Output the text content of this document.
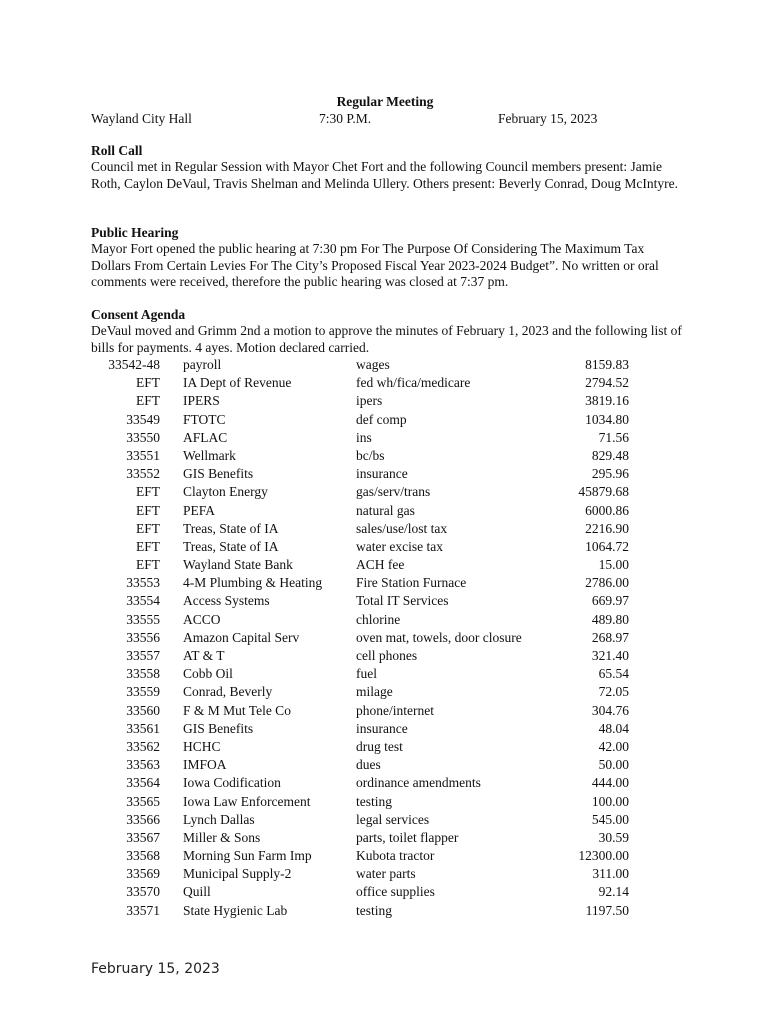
Regular Meeting
Wayland City Hall	7:30 P.M.	February 15, 2023
Roll Call

Council met in Regular Session with Mayor Chet Fort and the following Council members present: Jamie Roth, Caylon DeVaul, Travis Shelman and Melinda Ullery. Others present: Beverly Conrad, Doug McIntyre.

Public Hearing

Mayor Fort opened the public hearing at 7:30 pm For The Purpose Of Considering The Maximum Tax Dollars From Certain Levies For The City’s Proposed Fiscal Year 2023-2024 Budget”. No written or oral comments were received, therefore the public hearing was closed at 7:37 pm.

Consent Agenda

DeVaul moved and Grimm 2nd a motion to approve the minutes of February 1, 2023 and the following list of bills for payments. 4 ayes. Motion declared carried.

33542-48 payroll	wages	8159.83
EFT IA Dept of Revenue	fed wh/fica/medicare	2794.52
EFT IPERS	ipers	3819.16
33549 FTOTC	def comp	1034.80
33550 AFLAC	ins	71.56
33551 Wellmark	bc/bs	829.48
33552 GIS Benefits	insurance	295.96
EFT Clayton Energy	gas/serv/trans	45879.68
EFT PEFA	natural gas	6000.86
EFT Treas, State of IA	sales/use/lost tax	2216.90
EFT Treas, State of IA	water excise tax	1064.72
EFT Wayland State Bank	ACH fee	15.00
33553 4-M Plumbing & Heating	Fire Station Furnace	2786.00
33554 Access Systems	Total IT Services	669.97
33555 ACCO	chlorine	489.80
33556 Amazon Capital Serv	oven mat, towels, door closure	268.97
33557 AT & T	cell phones	321.40
33558 Cobb Oil	fuel	65.54
33559 Conrad, Beverly	milage	72.05
33560 F & M Mut Tele Co	phone/internet	304.76
33561 GIS Benefits	insurance	48.04
33562 HCHC	drug test	42.00
33563 IMFOA	dues	50.00
33564 Iowa Codification	ordinance amendments	444.00
33565 Iowa Law Enforcement	testing	100.00
33566 Lynch Dallas	legal services	545.00
33567 Miller & Sons	parts, toilet flapper	30.59
33568 Morning Sun Farm Imp	Kubota tractor	12300.00
33569 Municipal Supply-2	water parts	311.00
33570 Quill	office supplies	92.14
33571 State Hygienic Lab	testing	1197.50
February 15, 2023
